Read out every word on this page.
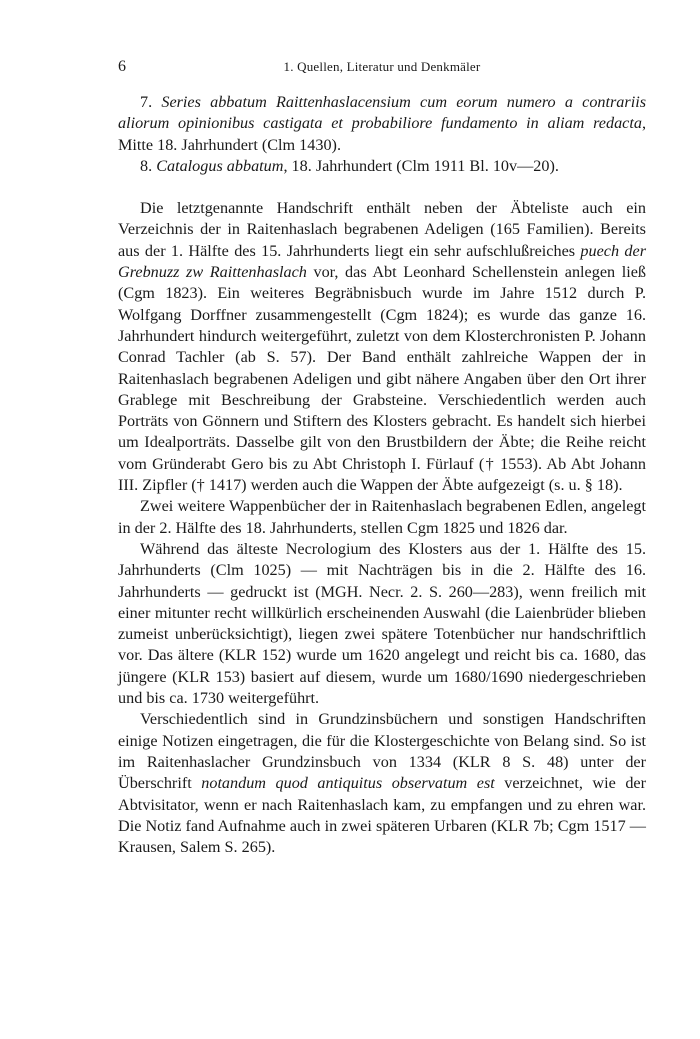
6	1. Quellen, Literatur und Denkmäler

7. Series abbatum Raittenhaslacensium cum eorum numero a contrariis aliorum opinionibus castigata et probabiliore fundamento in aliam redacta, Mitte 18. Jahrhundert (Clm 1430).

8. Catalogus abbatum, 18. Jahrhundert (Clm 1911 Bl. 10v—20).

Die letztgenannte Handschrift enthält neben der Äbteliste auch ein Verzeichnis der in Raitenhaslach begrabenen Adeligen (165 Familien). Bereits aus der 1. Hälfte des 15. Jahrhunderts liegt ein sehr aufschlußreiches puech der Grebnuzz zw Raittenhaslach vor, das Abt Leonhard Schellenstein anlegen ließ (Cgm 1823). Ein weiteres Begräbnisbuch wurde im Jahre 1512 durch P. Wolfgang Dorffner zusammengestellt (Cgm 1824); es wurde das ganze 16. Jahrhundert hindurch weitergeführt, zuletzt von dem Klosterchronisten P. Johann Conrad Tachler (ab S. 57). Der Band enthält zahlreiche Wappen der in Raitenhaslach begrabenen Adeligen und gibt nähere Angaben über den Ort ihrer Grablege mit Beschreibung der Grabsteine. Verschiedentlich werden auch Porträts von Gönnern und Stiftern des Klosters gebracht. Es handelt sich hierbei um Idealporträts. Dasselbe gilt von den Brustbildern der Äbte; die Reihe reicht vom Gründerabt Gero bis zu Abt Christoph I. Fürlauf († 1553). Ab Abt Johann III. Zipfler († 1417) werden auch die Wappen der Äbte aufgezeigt (s. u. § 18).

Zwei weitere Wappenbücher der in Raitenhaslach begrabenen Edlen, angelegt in der 2. Hälfte des 18. Jahrhunderts, stellen Cgm 1825 und 1826 dar.

Während das älteste Necrologium des Klosters aus der 1. Hälfte des 15. Jahrhunderts (Clm 1025) — mit Nachträgen bis in die 2. Hälfte des 16. Jahrhunderts — gedruckt ist (MGH. Necr. 2. S. 260—283), wenn freilich mit einer mitunter recht willkürlich erscheinenden Auswahl (die Laienbrüder blieben zumeist unberücksichtigt), liegen zwei spätere Totenbücher nur handschriftlich vor. Das ältere (KLR 152) wurde um 1620 angelegt und reicht bis ca. 1680, das jüngere (KLR 153) basiert auf diesem, wurde um 1680/1690 niedergeschrieben und bis ca. 1730 weitergeführt.

Verschiedentlich sind in Grundzinsbüchern und sonstigen Handschriften einige Notizen eingetragen, die für die Klostergeschichte von Belang sind. So ist im Raitenhaslacher Grundzinsbuch von 1334 (KLR 8 S. 48) unter der Überschrift notandum quod antiquitus observatum est verzeichnet, wie der Abtvisitator, wenn er nach Raitenhaslach kam, zu empfangen und zu ehren war. Die Notiz fand Aufnahme auch in zwei späteren Urbaren (KLR 7b; Cgm 1517 — Krausen, Salem S. 265).
